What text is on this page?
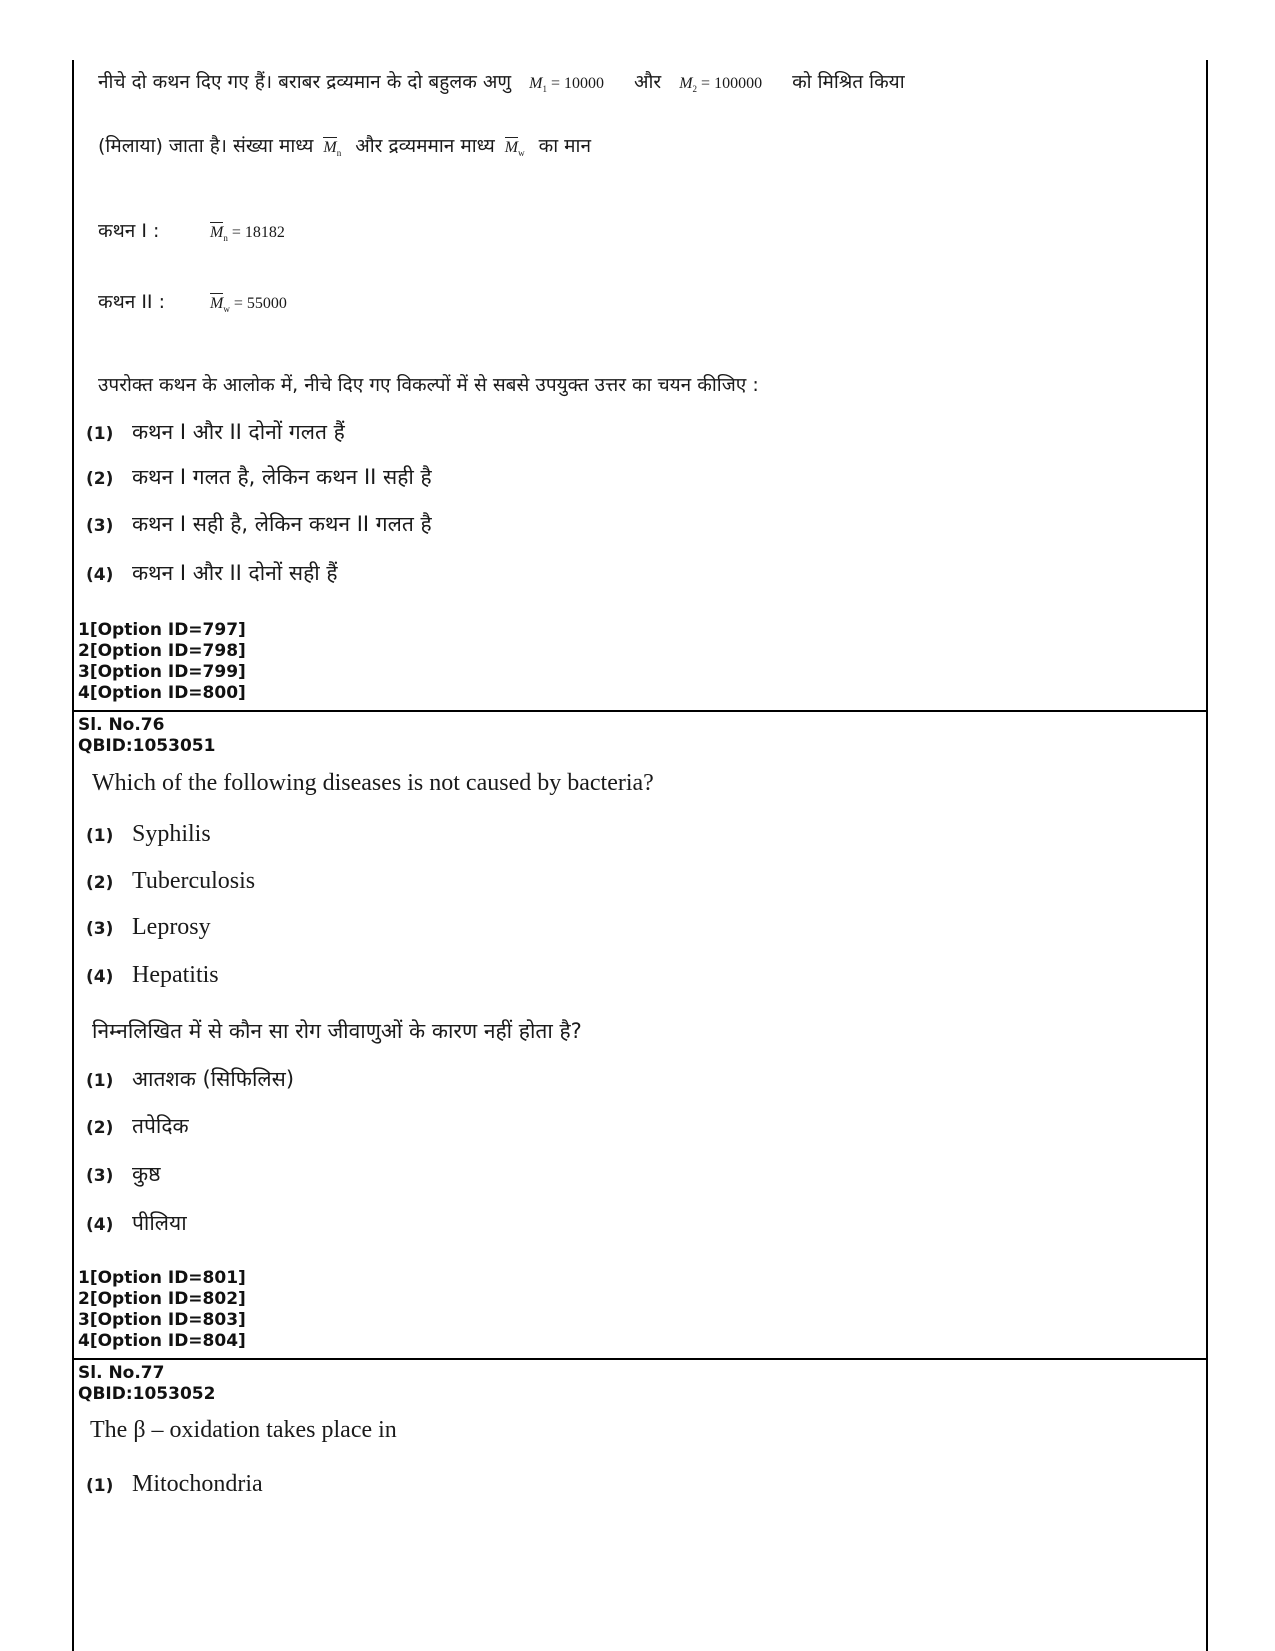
नीचे दो कथन दिए गए हैं। बराबर द्रव्यमान के दो बहुलक अणु $M_1 = 10000$ और $M_2 = 100000$ को मिश्रित किया
(मिलाया) जाता है। संख्या माध्य $M_n$ और द्रव्यममान माध्य $M_w$ का मान
कथन I :	$M_n = 18182$
कथन II :	$M_w = 55000$
उपरोक्त कथन के आलोक में, नीचे दिए गए विकल्पों में से सबसे उपयुक्त उत्तर का चयन कीजिए :
(1) कथन I और II दोनों गलत हैं
(2) कथन I गलत है, लेकिन कथन II सही है
(3) कथन I सही है, लेकिन कथन II गलत है
(4) कथन I और II दोनों सही हैं
1[Option ID=797]
2[Option ID=798]
3[Option ID=799]
4[Option ID=800]
Sl. No.76
QBID:1053051
Which of the following diseases is not caused by bacteria?
(1) Syphilis
(2) Tuberculosis
(3) Leprosy
(4) Hepatitis
निम्नलिखित में से कौन सा रोग जीवाणुओं के कारण नहीं होता है?
(1) आतशक (सिफिलिस)
(2) तपेदिक
(3) कुष्ठ
(4) पीलिया
1[Option ID=801]
2[Option ID=802]
3[Option ID=803]
4[Option ID=804]
Sl. No.77
QBID:1053052
The β – oxidation takes place in
(1) Mitochondria
